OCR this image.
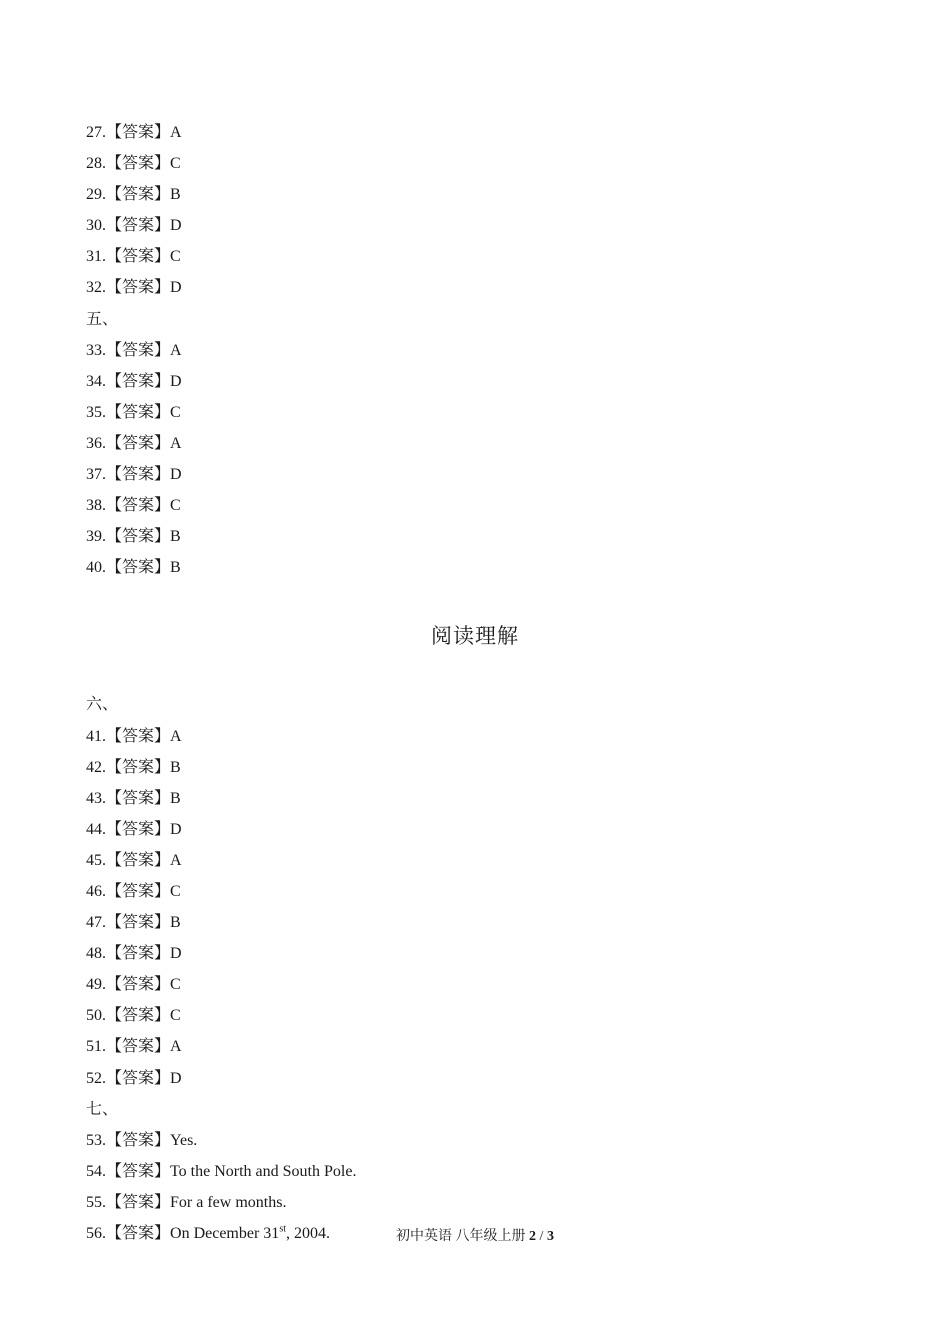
27.【答案】A
28.【答案】C
29.【答案】B
30.【答案】D
31.【答案】C
32.【答案】D
五、
33.【答案】A
34.【答案】D
35.【答案】C
36.【答案】A
37.【答案】D
38.【答案】C
39.【答案】B
40.【答案】B
阅读理解
六、
41.【答案】A
42.【答案】B
43.【答案】B
44.【答案】D
45.【答案】A
46.【答案】C
47.【答案】B
48.【答案】D
49.【答案】C
50.【答案】C
51.【答案】A
52.【答案】D
七、
53.【答案】Yes.
54.【答案】To the North and South Pole.
55.【答案】For a few months.
56.【答案】On December 31st, 2004.	初中英语 八年级上册 2 / 3
